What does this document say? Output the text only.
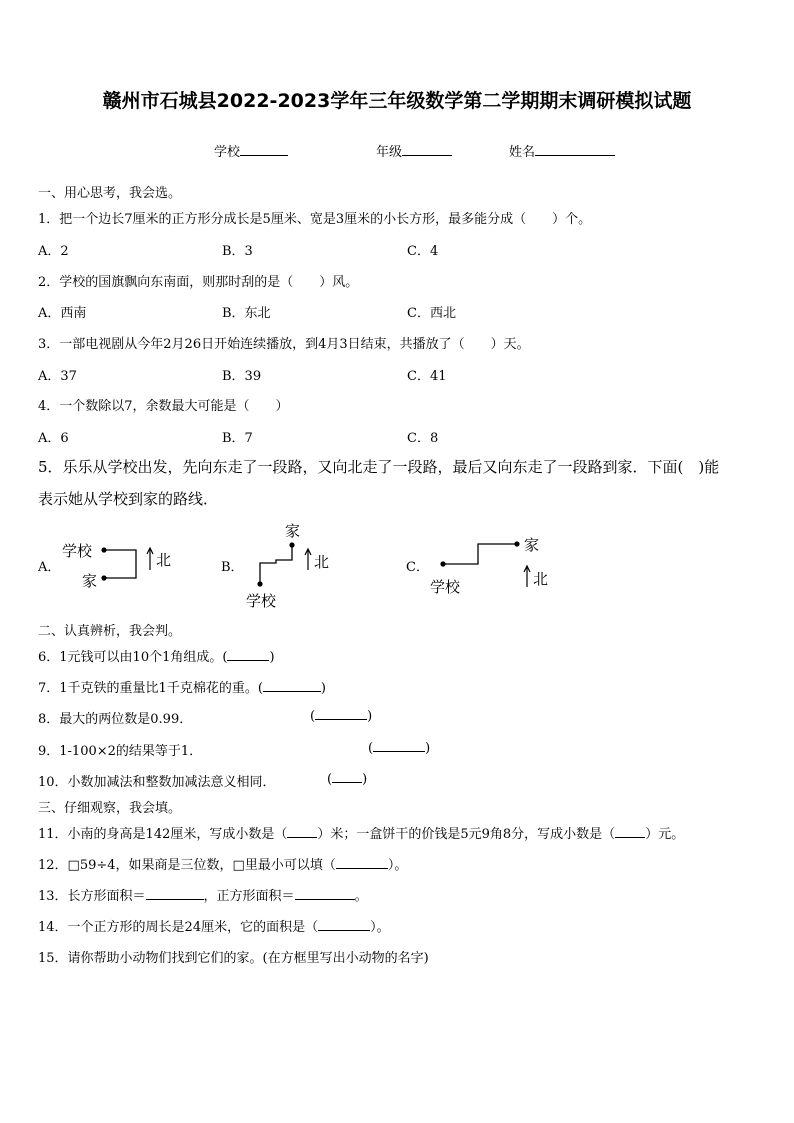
赣州市石城县2022-2023学年三年级数学第二学期期末调研模拟试题
学校	年级	姓名
一、用心思考，我会选。
1．把一个边长7厘米的正方形分成长是5厘米、宽是3厘米的小长方形，最多能分成（　　）个。
A．2	B．3	C．4
2．学校的国旗飘向东南面，则那时刮的是（　　）风。
A．西南	B．东北	C．西北
3．一部电视剧从今年2月26日开始连续播放，到4月3日结束，共播放了（　　）天。
A．37	B．39	C．41
4．一个数除以7，余数最大可能是（　　）
A．6	B．7	C．8
5．乐乐从学校出发，先向东走了一段路，又向北走了一段路，最后又向东走了一段路到家．下面(　)能
表示她从学校到家的路线．
A．
学校
家
北	B．
家
学校
北	C．
家
学校	北
二、认真辨析，我会判。
6．1元钱可以由10个1角组成。(	)
7．1千克铁的重量比1千克棉花的重。(	)
8．最大的两位数是0.99．	(	)
9．1-100×2的结果等于1．	(	)
10．小数加减法和整数加减法意义相同．	( )
三、仔细观察，我会填。
11．小南的身高是142厘米，写成小数是（ ）米；一盒饼干的价钱是5元9角8分，写成小数是（ ）元。
12．□59÷4，如果商是三位数，□里最小可以填（	）。
13．长方形面积＝	，正方形面积＝	。
14．一个正方形的周长是24厘米，它的面积是（	）。
15．请你帮助小动物们找到它们的家。(在方框里写出小动物的名字)
